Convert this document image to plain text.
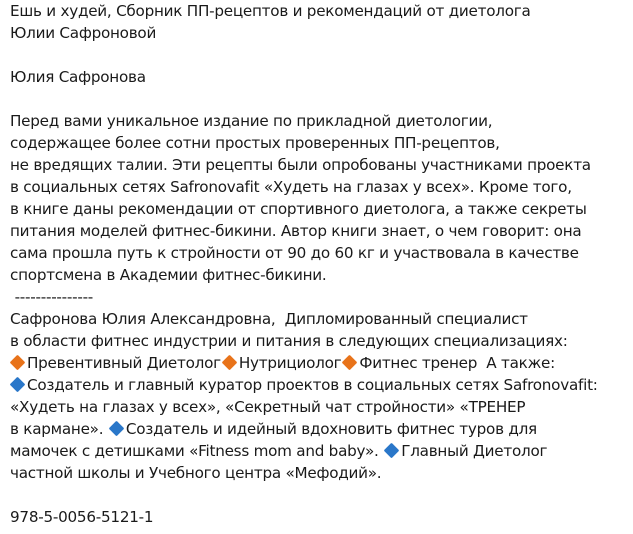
Ешь и худей, Сборник ПП-рецептов и рекомендаций от диетолога
Юлии Сафроновой
Юлия Сафронова
Перед вами уникальное издание по прикладной диетологии,
содержащее более сотни простых проверенных ПП-рецептов,
не вредящих талии. Эти рецепты были опробованы участниками проекта
в социальных сетях Safronovafit «Худеть на глазах у всех». Кроме того,
в книге даны рекомендации от спортивного диетолога, а также секреты
питания моделей фитнес-бикини. Автор книги знает, о чем говорит: она
сама прошла путь к стройности от 90 до 60 кг и участвовала в качестве
спортсмена в Академии фитнес-бикини.
---------------
Сафронова Юлия Александровна,  Дипломированный специалист
в области фитнес индустрии и питания в следующих специализациях:
Превентивный Диетолог Нутрициолог Фитнес тренер  А также:
Создатель и главный куратор проектов в социальных сетях Safronovafit:
«Худеть на глазах у всех», «Секретный чат стройности» «ТРЕНЕР
в кармане». Создатель и идейный вдохновить фитнес туров для
мамочек с детишками «Fitness mom and baby». Главный Диетолог
частной школы и Учебного центра «Мефодий».
978-5-0056-5121-1
